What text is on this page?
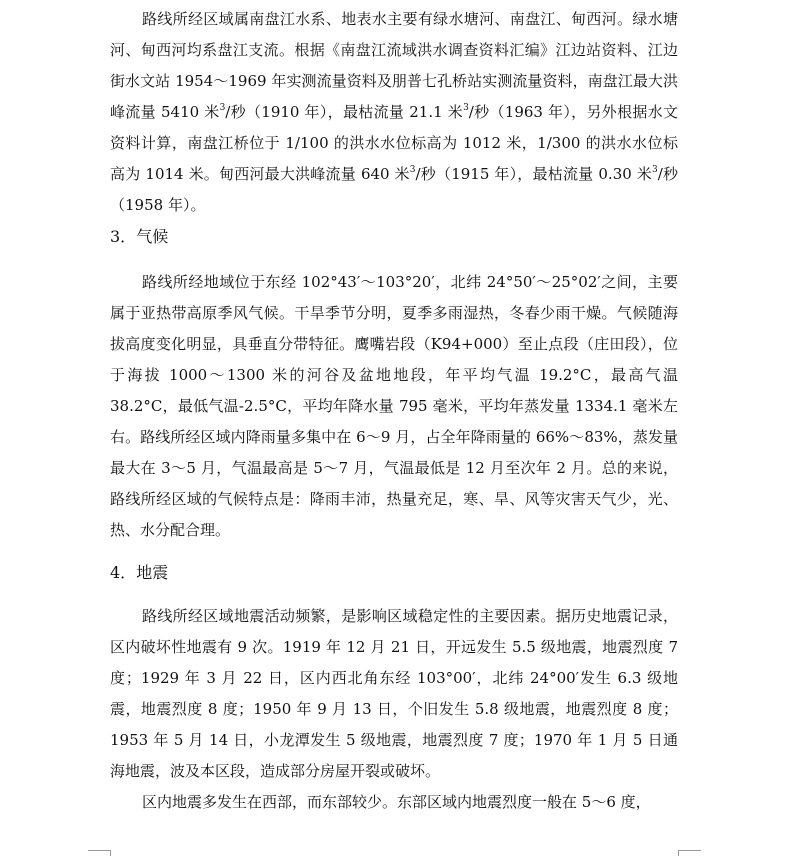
路线所经区域属南盘江水系、地表水主要有绿水塘河、南盘江、甸西河。绿水塘河、甸西河均系盘江支流。根据《南盘江流域洪水调查资料汇编》江边站资料、江边街水文站 1954～1969 年实测流量资料及朋普七孔桥站实测流量资料，南盘江最大洪峰流量 5410 米$^3$/秒（1910 年），最枯流量 21.1 米$^3$/秒（1963 年），另外根据水文资料计算，南盘江桥位于 1/100 的洪水水位标高为 1012 米，1/300 的洪水水位标高为 1014 米。甸西河最大洪峰流量 640 米$^3$/秒（1915 年），最枯流量 0.30 米$^3$/秒（1958 年）。

3．气候

路线所经地域位于东经 102°43′～103°20′，北纬 24°50′～25°02′之间，主要属于亚热带高原季风气候。干旱季节分明，夏季多雨湿热，冬春少雨干燥。气候随海拔高度变化明显，具垂直分带特征。鹰嘴岩段（K94+000）至止点段（庄田段），位于海拔 1000～1300 米的河谷及盆地地段，年平均气温 19.2°C，最高气温 38.2°C，最低气温-2.5°C，平均年降水量 795 毫米，平均年蒸发量 1334.1 毫米左右。路线所经区域内降雨量多集中在 6～9 月，占全年降雨量的 66%～83%，蒸发量最大在 3～5 月，气温最高是 5～7 月，气温最低是 12 月至次年 2 月。总的来说，路线所经区域的气候特点是：降雨丰沛，热量充足，寒、旱、风等灾害天气少，光、热、水分配合理。

4．地震

路线所经区域地震活动频繁，是影响区域稳定性的主要因素。据历史地震记录，区内破坏性地震有 9 次。1919 年 12 月 21 日，开远发生 5.5 级地震，地震烈度 7 度；1929 年 3 月 22 日，区内西北角东经 103°00′，北纬 24°00′发生 6.3 级地震，地震烈度 8 度；1950 年 9 月 13 日，个旧发生 5.8 级地震，地震烈度 8 度；1953 年 5 月 14 日，小龙潭发生 5 级地震，地震烈度 7 度；1970 年 1 月 5 日通海地震，波及本区段，造成部分房屋开裂或破坏。

区内地震多发生在西部，而东部较少。东部区域内地震烈度一般在 5～6 度，
